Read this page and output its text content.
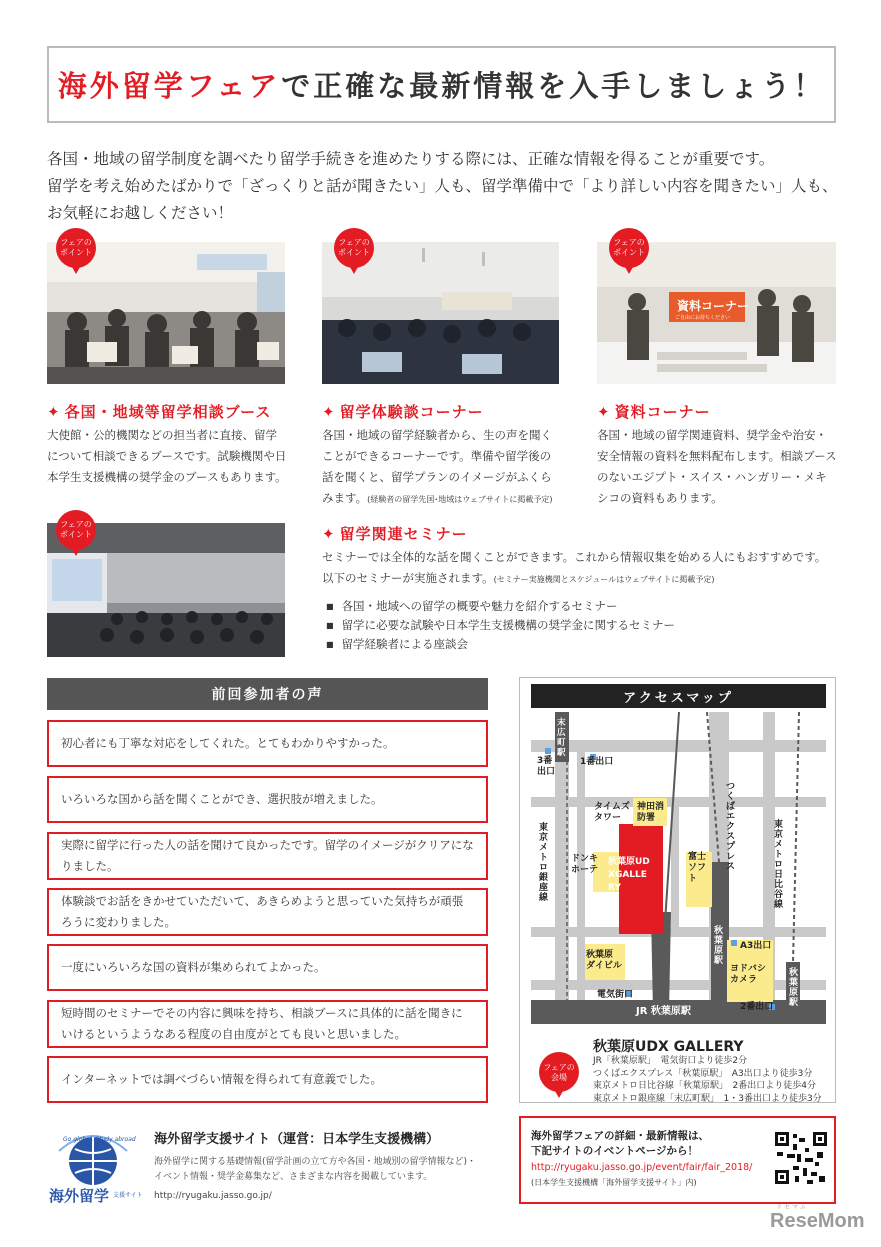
海外留学フェアで正確な最新情報を入手しましょう！
各国・地域の留学制度を調べたり留学手続きを進めたりする際には、正確な情報を得ることが重要です。
留学を考え始めたばかりで「ざっくりと話が聞きたい」人も、留学準備中で「より詳しい内容を聞きたい」人も、
お気軽にお越しください！
フェアの
ポイント
フェアの
ポイント
資料コーナー
ご自由にお持ちください
フェアの
ポイント
✦ 各国・地域等留学相談ブース
大使館・公的機関などの担当者に直接、留学について相談できるブースです。試験機関や日本学生支援機構の奨学金のブースもあります。
✦ 留学体験談コーナー
各国・地域の留学経験者から、生の声を聞くことができるコーナーです。準備や留学後の話を聞くと、留学プランのイメージがふくらみます。(経験者の留学先国･地域はウェブサイトに掲載予定)
✦ 資料コーナー
各国・地域の留学関連資料、奨学金や治安・安全情報の資料を無料配布します。相談ブースのないエジプト・スイス・ハンガリー・メキシコの資料もあります。
フェアの
ポイント	✦ 留学関連セミナー
セミナーでは全体的な話を聞くことができます。これから情報収集を始める人にもおすすめです。
以下のセミナーが実施されます。(セミナー実施機関とスケジュールはウェブサイトに掲載予定)
■ 各国・地域への留学の概要や魅力を紹介するセミナー
■ 留学に必要な試験や日本学生支援機構の奨学金に関するセミナー
■ 留学経験者による座談会
前回参加者の声
初心者にも丁寧な対応をしてくれた。とてもわかりやすかった。
いろいろな国から話を聞くことができ、選択肢が増えました。
実際に留学に行った人の話を聞けて良かったです。留学のイメージがクリアになりました。
体験談でお話をきかせていただいて、あきらめようと思っていた気持ちが頑張ろうに変わりました。
一度にいろいろな国の資料が集められてよかった。
短時間のセミナーでその内容に興味を持ち、相談ブースに具体的に話を聞きにいけるというようなある程度の自由度がとても良いと思いました。
インターネットでは調べづらい情報を得られて有意義でした。
アクセスマップ
末広町駅
3番出口
1番出口
タイムズタワー
神田消防署
つくばエクスプレス
東京メトロ銀座線
東京メトロ日比谷線
ドンキホーテ
秋葉原UDXGALLERY
富士ソフト
秋葉原駅
A3出口
秋葉原ダイビル	ヨドバシカメラ
電気街口
JR 秋葉原駅	2番出口
秋葉原駅
フェアの
会場
秋葉原UDX GALLERY
JR「秋葉原駅」　電気街口より徒歩2分
つくばエクスプレス「秋葉原駅」　A3出口より徒歩3分
東京メトロ日比谷線「秋葉原駅」　2番出口より徒歩4分
東京メトロ銀座線「末広町駅」　1・3番出口より徒歩3分
Go global. Study abroad
海外留学 支援サイト
海外留学支援サイト（運営：日本学生支援機構）
海外留学に関する基礎情報(留学計画の立て方や各国・地域別の留学情報など)・
イベント情報・奨学金募集など、さまざまな内容を掲載しています。
http://ryugaku.jasso.go.jp/
海外留学フェアの詳細・最新情報は、
下記サイトのイベントページから！
http://ryugaku.jasso.go.jp/event/fair/fair_2018/
(日本学生支援機構「海外留学支援サイト」内)
リセマム
ReseMom
